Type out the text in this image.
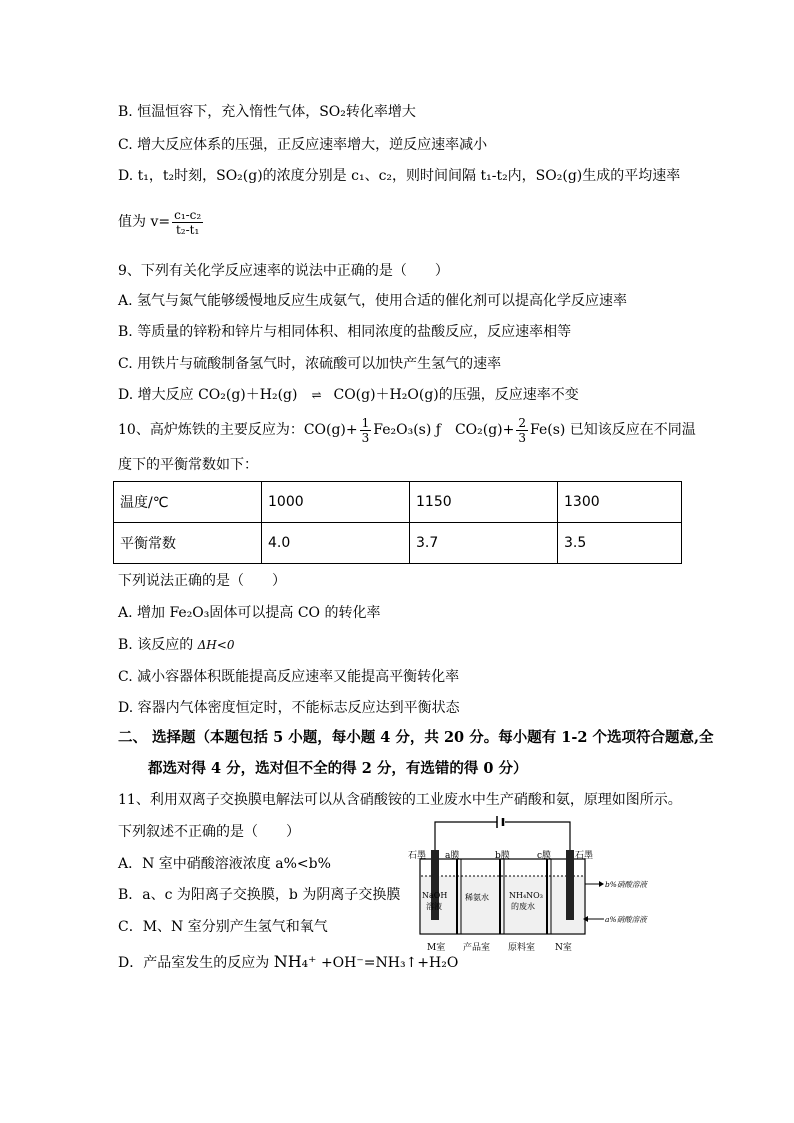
B. 恒温恒容下，充入惰性气体，SO₂转化率增大
C. 增大反应体系的压强，正反应速率增大，逆反应速率减小
D. t₁，t₂时刻，SO₂(g)的浓度分别是 c₁、c₂，则时间间隔 t₁-t₂内，SO₂(g)生成的平均速率
值为 $v= \frac{\text{c₁-c₂}}{\text{t₂-t₁}}$
9、下列有关化学反应速率的说法中正确的是（　　）
A. 氢气与氮气能够缓慢地反应生成氨气，使用合适的催化剂可以提高化学反应速率
B. 等质量的锌粉和锌片与相同体积、相同浓度的盐酸反应，反应速率相等
C. 用铁片与硫酸制备氢气时，浓硫酸可以加快产生氢气的速率
D. 增大反应 CO₂(g)＋H₂(g) ⇌ CO(g)＋H₂O(g)的压强，反应速率不变
10、高炉炼铁的主要反应为：$CO(g)+ \frac{1}{3} Fe_2O_3(s)$ ƒ　$CO_2(g)+ \frac{2}{3} Fe(s)$ 已知该反应在不同温
度下的平衡常数如下：
温度/℃	1000	1150	1300
平衡常数	4.0	3.7	3.5
下列说法正确的是（　　）
A. 增加 Fe₂O₃固体可以提高 CO 的转化率
B. 该反应的 ΔH<0
C. 减小容器体积既能提高反应速率又能提高平衡转化率
D. 容器内气体密度恒定时，不能标志反应达到平衡状态
二、 选择题（本题包括 5 小题，每小题 4 分，共 20 分。每小题有 1-2 个选项符合题意,全
都选对得 4 分，选对但不全的得 2 分，有选错的得 0 分）
11、利用双离子交换膜电解法可以从含硝酸铵的工业废水中生产硝酸和氨，原理如图所示。
下列叙述不正确的是（　　）
A．N 室中硝酸溶液浓度 a%<b%
B．a、c 为阳离子交换膜，b 为阴离子交换膜
C．M、N 室分别产生氢气和氧气
D．产品室发生的反应为 NH₄⁺ +OH⁻=NH₃↑+H₂O
石墨 a膜	b膜	c膜	石墨
NaOH
溶液
稀氨水	NH₄NO₃
的废水
b%硝酸溶液
a%硝酸溶液
M室 产品室 原料室 N室
